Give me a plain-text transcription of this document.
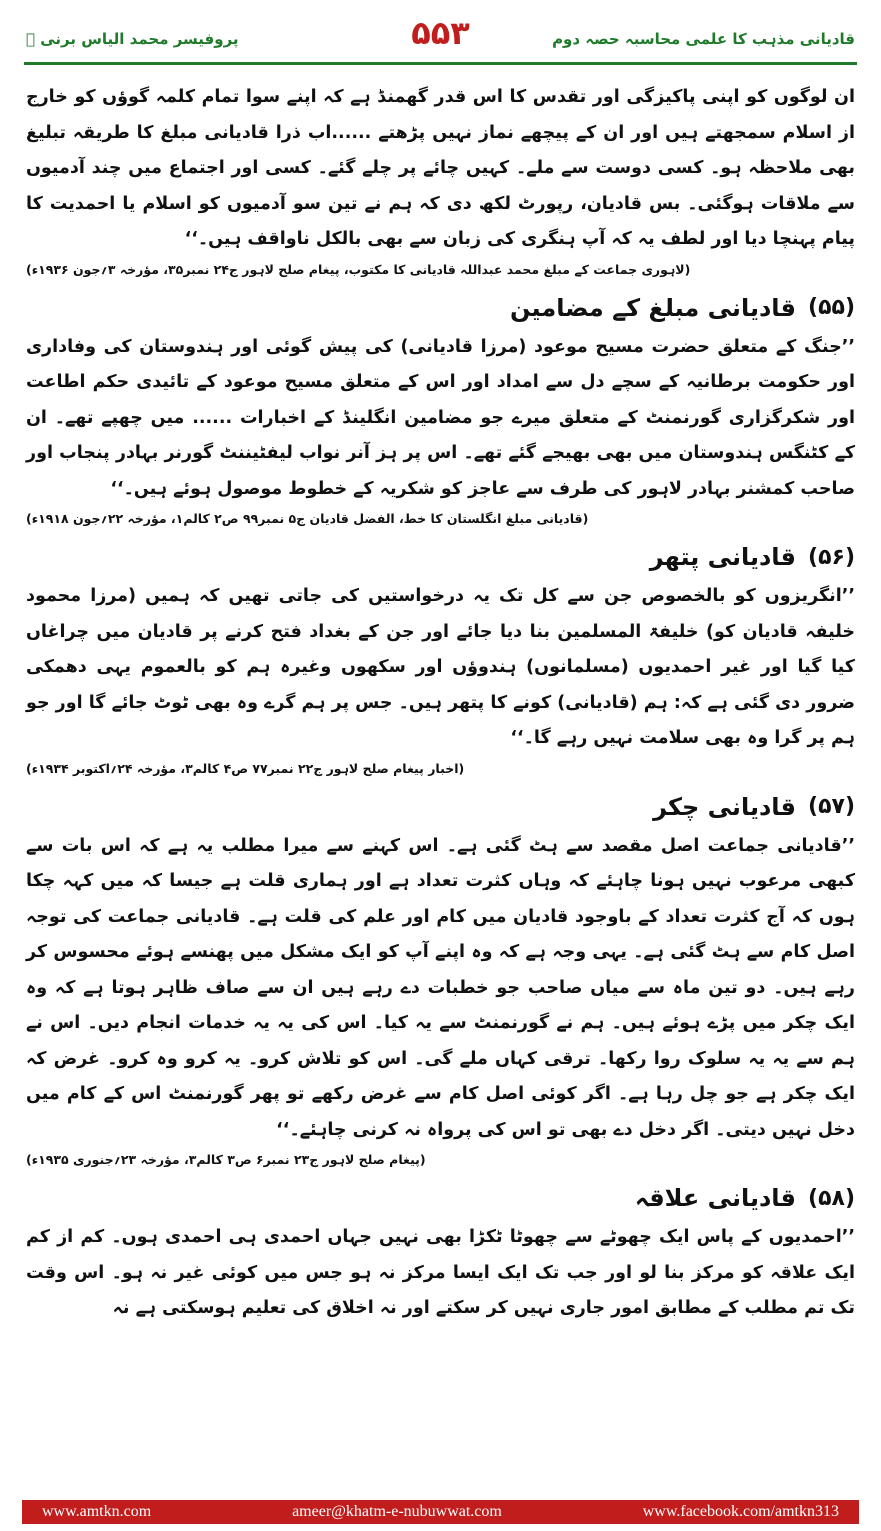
پروفیسر محمد الیاس برنی ﷫	۵۵۳	قادیانی مذہب کا علمی محاسبہ حصہ دوم

ان لوگوں کو اپنی پاکیزگی اور تقدس کا اس قدر گھمنڈ ہے کہ اپنے سوا تمام کلمہ گوؤں کو خارج از اسلام سمجھتے ہیں اور ان کے پیچھے نماز نہیں پڑھتے ......اب ذرا قادیانی مبلغ کا طریقہ تبلیغ بھی ملاحظہ ہو۔ کسی دوست سے ملے۔ کہیں چائے پر چلے گئے۔ کسی اور اجتماع میں چند آدمیوں سے ملاقات ہوگئی۔ بس قادیان، رپورٹ لکھ دی کہ ہم نے تین سو آدمیوں کو اسلام یا احمدیت کا پیام پہنچا دیا اور لطف یہ کہ آپ ہنگری کی زبان سے بھی بالکل ناواقف ہیں۔‘‘

(لاہوری جماعت کے مبلغ محمد عبداللہ قادیانی کا مکتوب، پیغام صلح لاہور ج۲۴ نمبر۳۵، مؤرخہ ۳؍جون ۱۹۳۶ء)

(۵۵)
قادیانی مبلغ کے مضامین

’’جنگ کے متعلق حضرت مسیح موعود (مرزا قادیانی) کی پیش گوئی اور ہندوستان کی وفاداری اور حکومت برطانیہ کے سچے دل سے امداد اور اس کے متعلق مسیح موعود کے تائیدی حکم اطاعت اور شکرگزاری گورنمنٹ کے متعلق میرے جو مضامین انگلینڈ کے اخبارات ...... میں چھپے تھے۔ ان کے کٹنگس ہندوستان میں بھی بھیجے گئے تھے۔ اس پر ہز آنر نواب لیفٹیننٹ گورنر بہادر پنجاب اور صاحب کمشنر بہادر لاہور کی طرف سے عاجز کو شکریہ کے خطوط موصول ہوئے ہیں۔‘‘

(قادیانی مبلغ انگلستان کا خط، الفضل قادیان ج۵ نمبر۹۹ ص۲ کالم۱، مؤرخہ ۲۲؍جون ۱۹۱۸ء)

(۵۶)
قادیانی پتھر

’’انگریزوں کو بالخصوص جن سے کل تک یہ درخواستیں کی جاتی تھیں کہ ہمیں (مرزا محمود خلیفہ قادیان کو) خلیفۃ المسلمین بنا دیا جائے اور جن کے بغداد فتح کرنے پر قادیان میں چراغاں کیا گیا اور غیر احمدیوں (مسلمانوں) ہندوؤں اور سکھوں وغیرہ ہم کو بالعموم یہی دھمکی ضرور دی گئی ہے کہ: ہم (قادیانی) کونے کا پتھر ہیں۔ جس پر ہم گرے وہ بھی ٹوٹ جائے گا اور جو ہم پر گرا وہ بھی سلامت نہیں رہے گا۔‘‘

(اخبار پیغام صلح لاہور ج۲۲ نمبر۷۷ ص۴ کالم۳، مؤرخہ ۲۴؍اکتوبر ۱۹۳۴ء)

(۵۷)
قادیانی چکر

’’قادیانی جماعت اصل مقصد سے ہٹ گئی ہے۔ اس کہنے سے میرا مطلب یہ ہے کہ اس بات سے کبھی مرعوب نہیں ہونا چاہئے کہ وہاں کثرت تعداد ہے اور ہماری قلت ہے جیسا کہ میں کہہ چکا ہوں کہ آج کثرت تعداد کے باوجود قادیان میں کام اور علم کی قلت ہے۔ قادیانی جماعت کی توجہ اصل کام سے ہٹ گئی ہے۔ یہی وجہ ہے کہ وہ اپنے آپ کو ایک مشکل میں پھنسے ہوئے محسوس کر رہے ہیں۔ دو تین ماہ سے میاں صاحب جو خطبات دے رہے ہیں ان سے صاف ظاہر ہوتا ہے کہ وہ ایک چکر میں پڑے ہوئے ہیں۔ ہم نے گورنمنٹ سے یہ کیا۔ اس کی یہ یہ خدمات انجام دیں۔ اس نے ہم سے یہ یہ سلوک روا رکھا۔ ترقی کہاں ملے گی۔ اس کو تلاش کرو۔ یہ کرو وہ کرو۔ غرض کہ ایک چکر ہے جو چل رہا ہے۔ اگر کوئی اصل کام سے غرض رکھے تو پھر گورنمنٹ اس کے کام میں دخل نہیں دیتی۔ اگر دخل دے بھی تو اس کی پرواہ نہ کرنی چاہئے۔‘‘

(پیغام صلح لاہور ج۲۳ نمبر۶ ص۳ کالم۳، مؤرخہ ۲۳؍جنوری ۱۹۳۵ء)

(۵۸)
قادیانی علاقہ

’’احمدیوں کے پاس ایک چھوٹے سے چھوٹا ٹکڑا بھی نہیں جہاں احمدی ہی احمدی ہوں۔ کم از کم ایک علاقہ کو مرکز بنا لو اور جب تک ایک ایسا مرکز نہ ہو جس میں کوئی غیر نہ ہو۔ اس وقت تک تم مطلب کے مطابق امور جاری نہیں کر سکتے اور نہ اخلاق کی تعلیم ہوسکتی ہے نہ

www.amtkn.com	ameer@khatm-e-nubuwwat.com	www.facebook.com/amtkn313
